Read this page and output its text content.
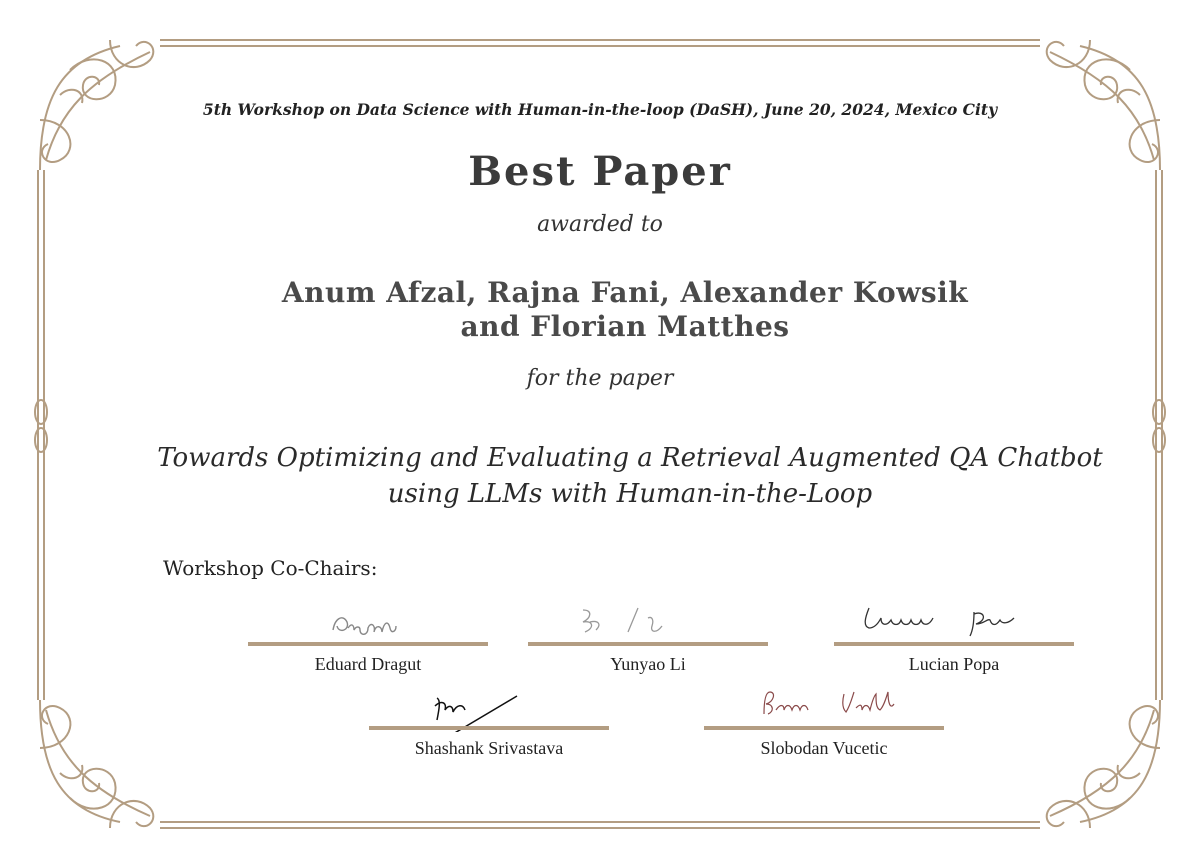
5th Workshop on Data Science with Human-in-the-loop (DaSH), June 20, 2024, Mexico City
Best Paper
awarded to
Anum Afzal, Rajna Fani, Alexander Kowsik
and Florian Matthes
for the paper
Towards Optimizing and Evaluating a Retrieval Augmented QA Chatbot
using LLMs with Human-in-the-Loop
Workshop Co-Chairs:
Eduard Dragut	Yunyao Li	Lucian Popa
Shashank Srivastava	Slobodan Vucetic
